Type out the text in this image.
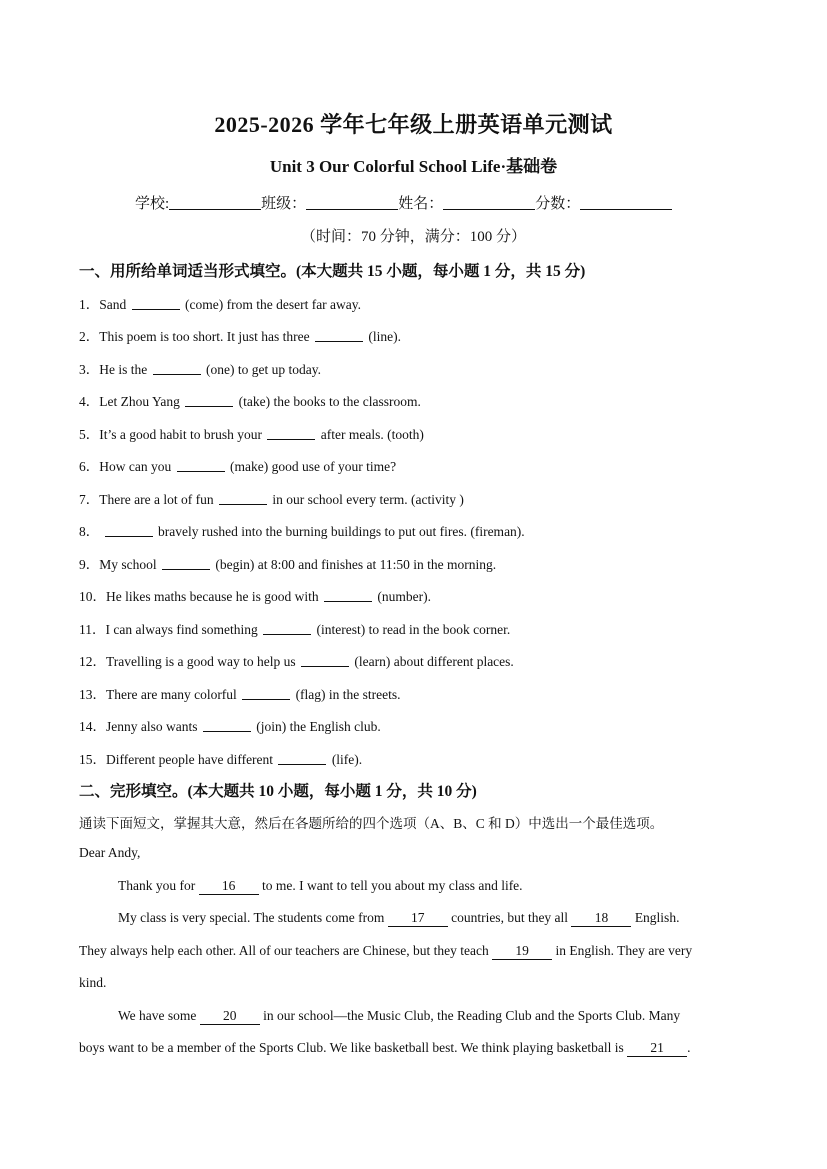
2025-2026 学年七年级上册英语单元测试
Unit 3 Our Colorful School Life·基础卷
学校:	班级：	姓名：	分数：
（时间：70 分钟，满分：100 分）
一、用所给单词适当形式填空。(本大题共 15 小题，每小题 1 分，共 15 分)
1．Sand	(come) from the desert far away.
2．This poem is too short. It just has three	(line).
3．He is the	(one) to get up today.
4．Let Zhou Yang	(take) the books to the classroom.
5．It’s a good habit to brush your	after meals. (tooth)
6．How can you	(make) good use of your time?
7．There are a lot of fun	in our school every term. (activity )
8．	bravely rushed into the burning buildings to put out fires. (fireman).
9．My school	(begin) at 8:00 and finishes at 11:50 in the morning.
10．He likes maths because he is good with	(number).
11．I can always find something	(interest) to read in the book corner.
12．Travelling is a good way to help us	(learn) about different places.
13．There are many colorful	(flag) in the streets.
14．Jenny also wants	(join) the English club.
15．Different people have different	(life).
二、完形填空。(本大题共 10 小题，每小题 1 分，共 10 分)
通读下面短文，掌握其大意，然后在各题所给的四个选项（A、B、C 和 D）中选出一个最佳选项。
Dear Andy,
Thank you for 16 to me. I want to tell you about my class and life.
My class is very special. The students come from 17 countries, but they all 18 English.
They always help each other. All of our teachers are Chinese, but they teach 19 in English. They are very
kind.
We have some 20 in our school—the Music Club, the Reading Club and the Sports Club. Many
boys want to be a member of the Sports Club. We like basketball best. We think playing basketball is 21 .
